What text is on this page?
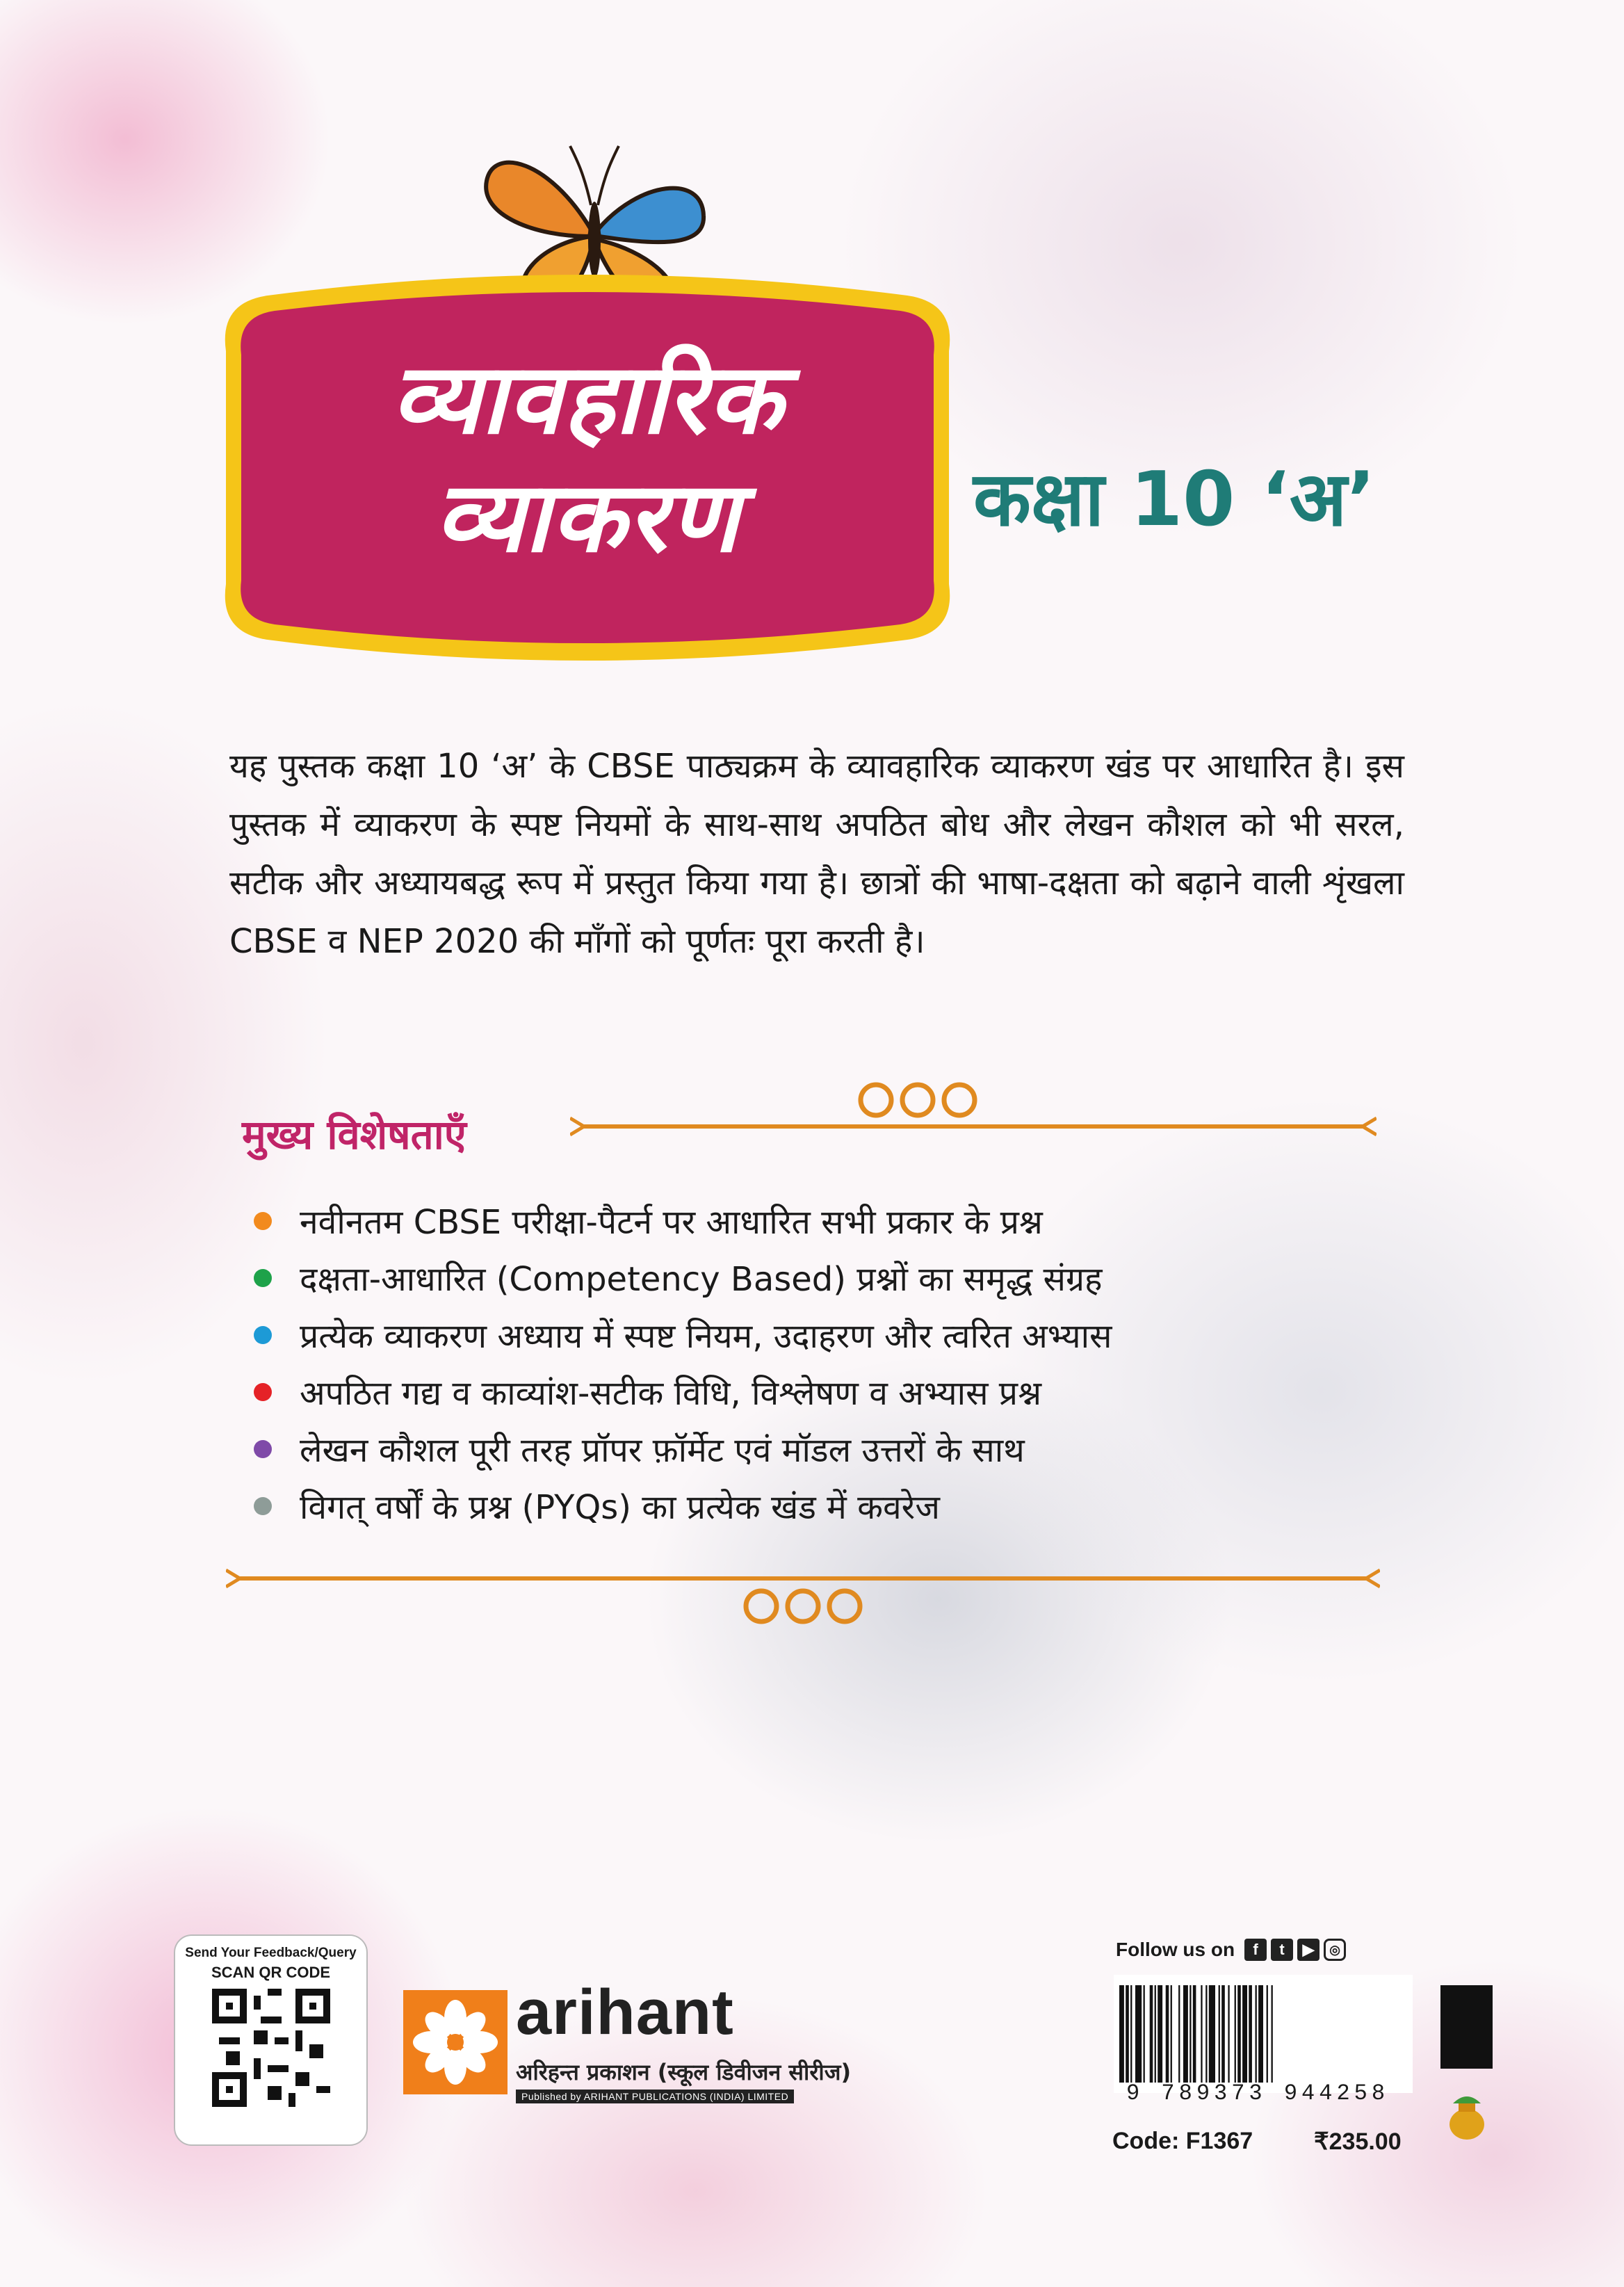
व्यावहारिक
व्याकरण	कक्षा 10 ‘अ’
यह पुस्तक कक्षा 10 ‘अ’ के CBSE पाठ्यक्रम के व्यावहारिक व्याकरण खंड पर आधारित है। इस पुस्तक में व्याकरण के स्पष्ट नियमों के साथ-साथ अपठित बोध और लेखन कौशल को भी सरल, सटीक और अध्यायबद्ध रूप में प्रस्तुत किया गया है। छात्रों की भाषा-दक्षता को बढ़ाने वाली शृंखला CBSE व NEP 2020 की माँगों को पूर्णतः पूरा करती है।
मुख्य विशेषताएँ
नवीनतम CBSE परीक्षा-पैटर्न पर आधारित सभी प्रकार के प्रश्न
दक्षता-आधारित (Competency Based) प्रश्नों का समृद्ध संग्रह
प्रत्येक व्याकरण अध्याय में स्पष्ट नियम, उदाहरण और त्वरित अभ्यास
अपठित गद्य व काव्यांश-सटीक विधि, विश्लेषण व अभ्यास प्रश्न
लेखन कौशल पूरी तरह प्रॉपर फ़ॉर्मेट एवं मॉडल उत्तरों के साथ
विगत् वर्षों के प्रश्न (PYQs) का प्रत्येक खंड में कवरेज
Send Your Feedback/Query
SCAN QR CODE
arihant
अरिहन्त प्रकाशन (स्कूल डिवीजन सीरीज)
Published by ARIHANT PUBLICATIONS (INDIA) LIMITED
Follow us on	f	t	▶	◎
9 789373 944258
Code: F1367	₹235.00
